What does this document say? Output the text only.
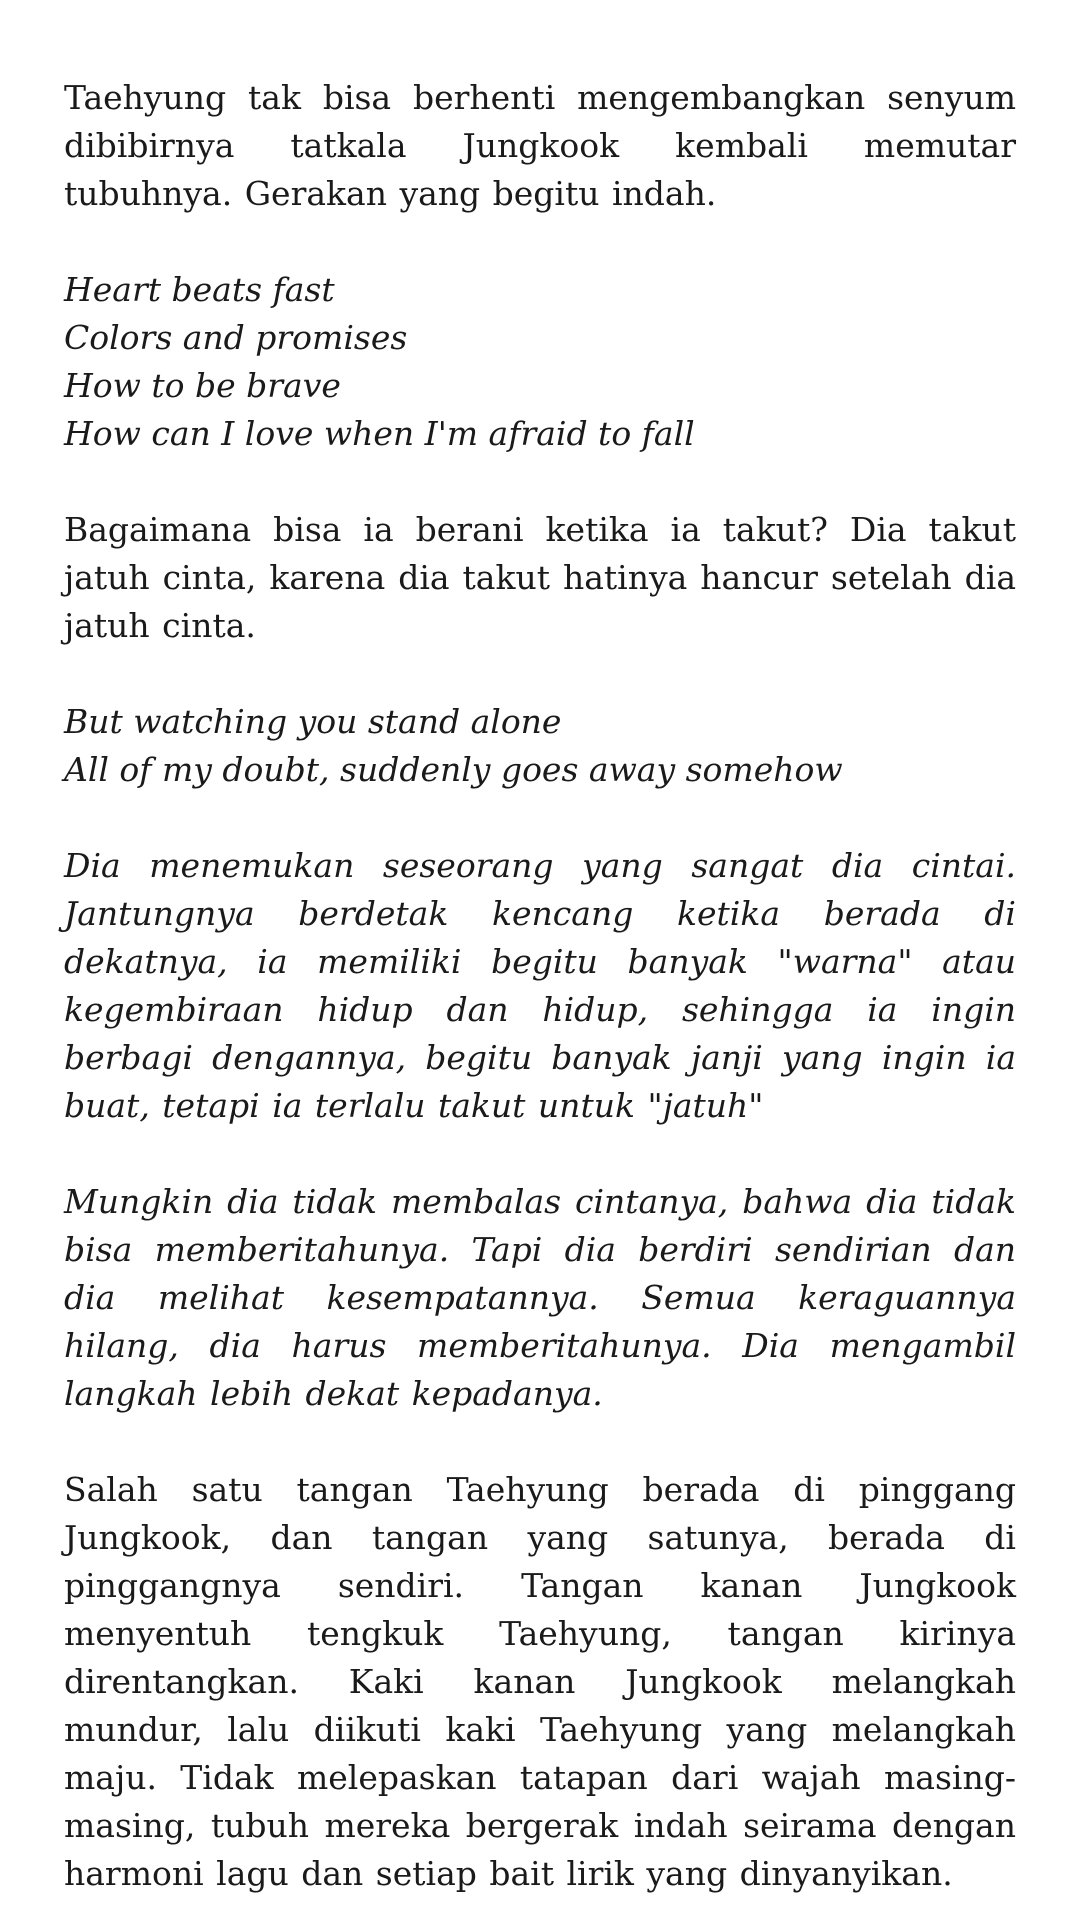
Taehyung tak bisa berhenti mengembangkan senyum dibibirnya tatkala Jungkook kembali memutar tubuhnya. Gerakan yang begitu indah.

Heart beats fast
Colors and promises
How to be brave
How can I love when I'm afraid to fall

Bagaimana bisa ia berani ketika ia takut? Dia takut jatuh cinta, karena dia takut hatinya hancur setelah dia jatuh cinta.

But watching you stand alone
All of my doubt, suddenly goes away somehow

Dia menemukan seseorang yang sangat dia cintai. Jantungnya berdetak kencang ketika berada di dekatnya, ia memiliki begitu banyak "warna" atau kegembiraan hidup dan hidup, sehingga ia ingin berbagi dengannya, begitu banyak janji yang ingin ia buat, tetapi ia terlalu takut untuk "jatuh"

Mungkin dia tidak membalas cintanya, bahwa dia tidak bisa memberitahunya. Tapi dia berdiri sendirian dan dia melihat kesempatannya. Semua keraguannya hilang, dia harus memberitahunya. Dia mengambil langkah lebih dekat kepadanya.

Salah satu tangan Taehyung berada di pinggang Jungkook, dan tangan yang satunya, berada di pinggangnya sendiri. Tangan kanan Jungkook menyentuh tengkuk Taehyung, tangan kirinya direntangkan. Kaki kanan Jungkook melangkah mundur, lalu diikuti kaki Taehyung yang melangkah maju. Tidak melepaskan tatapan dari wajah masing-masing, tubuh mereka bergerak indah seirama dengan harmoni lagu dan setiap bait lirik yang dinyanyikan.
